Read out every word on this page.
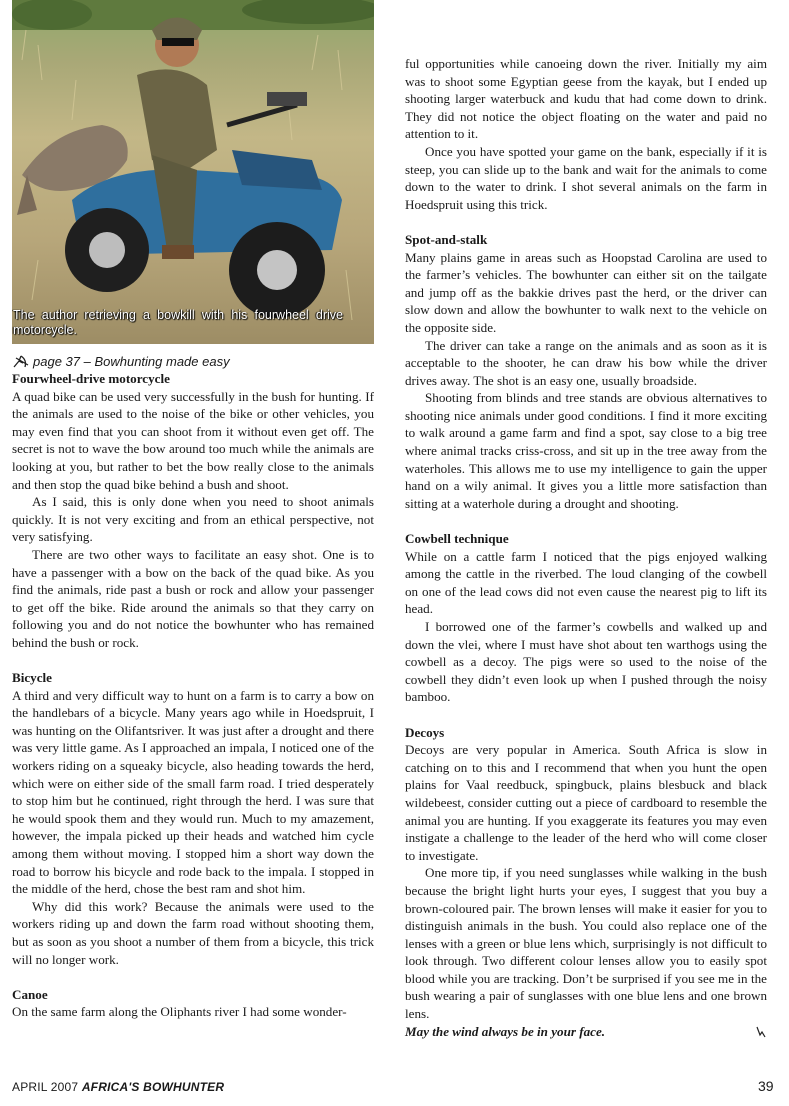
The author retrieving a bowkill with his fourwheel drive motorcycle.
page 37 – Bowhunting made easy
Fourwheel-drive motorcycle

A quad bike can be used very successfully in the bush for hunting. If the animals are used to the noise of the bike or other vehicles, you may even find that you can shoot from it without even get off. The secret is not to wave the bow around too much while the animals are looking at you, but rather to bet the bow really close to the animals and then stop the quad bike behind a bush and shoot.

As I said, this is only done when you need to shoot animals quickly. It is not very exciting and from an ethical perspective, not very satisfying.

There are two other ways to facilitate an easy shot. One is to have a passenger with a bow on the back of the quad bike. As you find the animals, ride past a bush or rock and allow your passenger to get off the bike. Ride around the animals so that they carry on following you and do not notice the bowhunter who has remained behind the bush or rock.

Bicycle

A third and very difficult way to hunt on a farm is to carry a bow on the handlebars of a bicycle. Many years ago while in Hoedspruit, I was hunting on the Olifantsriver. It was just after a drought and there was very little game. As I approached an impala, I noticed one of the workers riding on a squeaky bicycle, also heading towards the herd, which were on either side of the small farm road. I tried desperately to stop him but he continued, right through the herd. I was sure that he would spook them and they would run. Much to my amazement, however, the impala picked up their heads and watched him cycle among them without moving. I stopped him a short way down the road to borrow his bicycle and rode back to the impala. I stopped in the middle of the herd, chose the best ram and shot him.

Why did this work? Because the animals were used to the workers riding up and down the farm road without shooting them, but as soon as you shoot a number of them from a bicycle, this trick will no longer work.

Canoe

On the same farm along the Oliphants river I had some wonder-

ful opportunities while canoeing down the river. Initially my aim was to shoot some Egyptian geese from the kayak, but I ended up shooting larger waterbuck and kudu that had come down to drink. They did not notice the object floating on the water and paid no attention to it.

Once you have spotted your game on the bank, especially if it is steep, you can slide up to the bank and wait for the animals to come down to the water to drink. I shot several animals on the farm in Hoedspruit using this trick.

Spot-and-stalk

Many plains game in areas such as Hoopstad Carolina are used to the farmer’s vehicles. The bowhunter can either sit on the tailgate and jump off as the bakkie drives past the herd, or the driver can slow down and allow the bowhunter to walk next to the vehicle on the opposite side.

The driver can take a range on the animals and as soon as it is acceptable to the shooter, he can draw his bow while the driver drives away. The shot is an easy one, usually broadside.

Shooting from blinds and tree stands are obvious alternatives to shooting nice animals under good conditions. I find it more exciting to walk around a game farm and find a spot, say close to a big tree where animal tracks criss-cross, and sit up in the tree away from the waterholes. This allows me to use my intelligence to gain the upper hand on a wily animal. It gives you a little more satisfaction than sitting at a waterhole during a drought and shooting.

Cowbell technique

While on a cattle farm I noticed that the pigs enjoyed walking among the cattle in the riverbed. The loud clanging of the cowbell on one of the lead cows did not even cause the nearest pig to lift its head.

I borrowed one of the farmer’s cowbells and walked up and down the vlei, where I must have shot about ten warthogs using the cowbell as a decoy. The pigs were so used to the noise of the cowbell they didn’t even look up when I pushed through the noisy bamboo.

Decoys

Decoys are very popular in America. South Africa is slow in catching on to this and I recommend that when you hunt the open plains for Vaal reedbuck, spingbuck, plains blesbuck and black wildebeest, consider cutting out a piece of cardboard to resemble the animal you are hunting. If you exaggerate its features you may even instigate a challenge to the leader of the herd who will come closer to investigate.

One more tip, if you need sunglasses while walking in the bush because the bright light hurts your eyes, I suggest that you buy a brown-coloured pair. The brown lenses will make it easier for you to distinguish animals in the bush. You could also replace one of the lenses with a green or blue lens which, surprisingly is not difficult to look through. Two different colour lenses allow you to easily spot blood while you are tracking. Don’t be surprised if you see me in the bush wearing a pair of sunglasses with one blue lens and one brown lens.

May the wind always be in your face.

APRIL 2007 AFRICA'S BOWHUNTER	39
